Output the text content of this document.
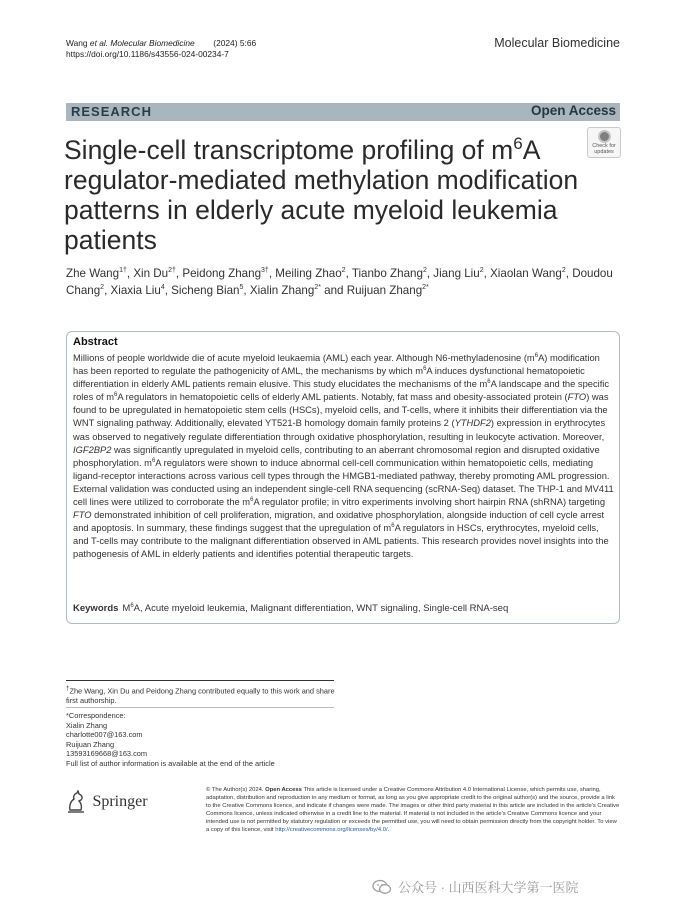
Wang et al. Molecular Biomedicine (2024) 5:66
https://doi.org/10.1186/s43556-024-00234-7
Molecular Biomedicine
RESEARCH	Open Access
Check for
updates
Single-cell transcriptome profiling of $m^6A$ regulator-mediated methylation modification patterns in elderly acute myeloid leukemia patients
Zhe Wang$^{1\dagger}$, Xin $Du^{2\dagger}$, Peidong Zhang$^{3\dagger}$, Meiling Zhao$^2$, Tianbo Zhang$^2$, Jiang Liu$^2$, Xiaolan Wang$^2$, Doudou Chang$^2$, Xiaxia Liu$^4$, Sicheng Bian$^5$, Xialin Zhang$^{2*}$ and Ruijuan Zhang$^{2*}$
Abstract

Millions of people worldwide die of acute myeloid leukaemia (AML) each year. Although N6-methyladenosine $(m^6A)$ modification has been reported to regulate the pathogenicity of AML, the mechanisms by which $m^6A$ induces dysfunctional hematopoietic differentiation in elderly AML patients remain elusive. This study elucidates the mechanisms of the $m^6A$ landscape and the specific roles of $m^6A$ regulators in hematopoietic cells of elderly AML patients. Notably, fat mass and obesity-associated protein (FTO) was found to be upregulated in hematopoietic stem cells (HSCs), myeloid cells, and T-cells, where it inhibits their differentiation via the WNT signaling pathway. Additionally, elevated YT521-B homology domain family proteins 2 (YTHDF2) expression in erythrocytes was observed to negatively regulate differentiation through oxidative phosphorylation, resulting in leukocyte activation. Moreover, IGF2BP2 was significantly upregulated in myeloid cells, contributing to an aberrant chromosomal region and disrupted oxidative phosphorylation. $m^6A$ regulators were shown to induce abnormal cell-cell communication within hematopoietic cells, mediating ligand-receptor interactions across various cell types through the HMGB1-mediated pathway, thereby promoting AML progression. External validation was conducted using an independent single-cell RNA sequencing (scRNA-Seq) dataset. The THP-1 and MV411 cell lines were utilized to corroborate the $m^6A$ regulator profile; in vitro experiments involving short hairpin RNA (shRNA) targeting FTO demonstrated inhibition of cell proliferation, migration, and oxidative phosphorylation, alongside induction of cell cycle arrest and apoptosis. In summary, these findings suggest that the upregulation of $m^6A$ regulators in HSCs, erythrocytes, myeloid cells, and T-cells may contribute to the malignant differentiation observed in AML patients. This research provides novel insights into the pathogenesis of AML in elderly patients and identifies potential therapeutic targets.

Keywords $M^6A$, Acute myeloid leukemia, Malignant differentiation, WNT signaling, Single-cell RNA-seq
†Zhe Wang, Xin Du and Peidong Zhang contributed equally to this work and share first authorship.
*Correspondence:
Xialin Zhang
charlotte007@163.com
Ruijuan Zhang
13593169668@163.com
Full list of author information is available at the end of the article
Springer

© The Author(s) 2024. Open Access This article is licensed under a Creative Commons Attribution 4.0 International License, which permits use, sharing, adaptation, distribution and reproduction in any medium or format, as long as you give appropriate credit to the original author(s) and the source, provide a link to the Creative Commons licence, and indicate if changes were made. The images or other third party material in this article are included in the article's Creative Commons licence, unless indicated otherwise in a credit line to the material. If material is not included in the article's Creative Commons licence and your intended use is not permitted by statutory regulation or exceeds the permitted use, you will need to obtain permission directly from the copyright holder. To view a copy of this licence, visit http://creativecommons.org/licenses/by/4.0/.

公众号 · 山西医科大学第一医院
